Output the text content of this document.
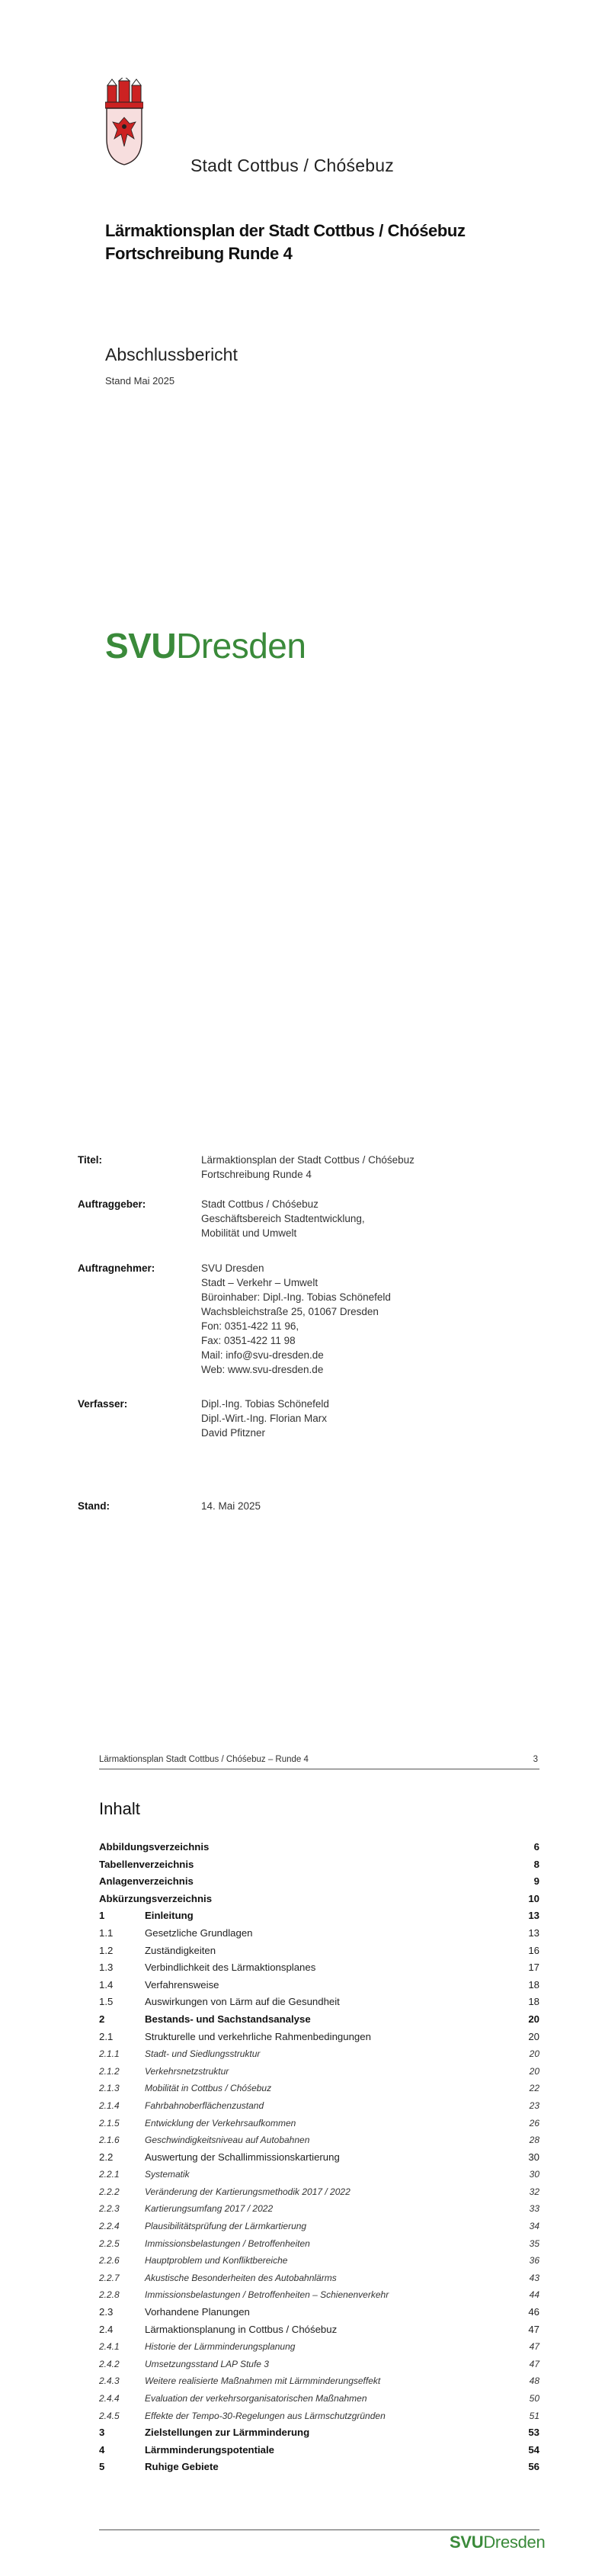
Stadt Cottbus / Chóśebuz
Lärmaktionsplan der Stadt Cottbus / Chóśebuz
Fortschreibung Runde 4
Abschlussbericht
Stand Mai 2025
SVUDresden
Titel:	Lärmaktionsplan der Stadt Cottbus / Chóśebuz
Fortschreibung Runde 4
Auftraggeber:	Stadt Cottbus / Chóśebuz
Geschäftsbereich Stadtentwicklung,
Mobilität und Umwelt
Auftragnehmer:	SVU Dresden
Stadt – Verkehr – Umwelt
Büroinhaber: Dipl.-Ing. Tobias Schönefeld
Wachsbleichstraße 25, 01067 Dresden
Fon: 0351-422 11 96,
Fax: 0351-422 11 98
Mail: info@svu-dresden.de
Web: www.svu-dresden.de
Verfasser:	Dipl.-Ing. Tobias Schönefeld
Dipl.-Wirt.-Ing. Florian Marx
David Pfitzner
Stand:	14. Mai 2025
Lärmaktionsplan Stadt Cottbus / Chóśebuz – Runde 4	3
Inhalt
Abbildungsverzeichnis	6
Tabellenverzeichnis	8
Anlagenverzeichnis	9
Abkürzungsverzeichnis	10
1	Einleitung	13
1.1	Gesetzliche Grundlagen	13
1.2	Zuständigkeiten	16
1.3	Verbindlichkeit des Lärmaktionsplanes	17
1.4	Verfahrensweise	18
1.5	Auswirkungen von Lärm auf die Gesundheit	18
2	Bestands- und Sachstandsanalyse	20
2.1	Strukturelle und verkehrliche Rahmenbedingungen	20
2.1.1	Stadt- und Siedlungsstruktur	20
2.1.2	Verkehrsnetzstruktur	20
2.1.3	Mobilität in Cottbus / Chóśebuz	22
2.1.4	Fahrbahnoberflächenzustand	23
2.1.5	Entwicklung der Verkehrsaufkommen	26
2.1.6	Geschwindigkeitsniveau auf Autobahnen	28
2.2	Auswertung der Schallimmissionskartierung	30
2.2.1	Systematik	30
2.2.2	Veränderung der Kartierungsmethodik 2017 / 2022	32
2.2.3	Kartierungsumfang 2017 / 2022	33
2.2.4	Plausibilitätsprüfung der Lärmkartierung	34
2.2.5	Immissionsbelastungen / Betroffenheiten	35
2.2.6	Hauptproblem und Konfliktbereiche	36
2.2.7	Akustische Besonderheiten des Autobahnlärms	43
2.2.8	Immissionsbelastungen / Betroffenheiten – Schienenverkehr	44
2.3	Vorhandene Planungen	46
2.4	Lärmaktionsplanung in Cottbus / Chóśebuz	47
2.4.1	Historie der Lärmminderungsplanung	47
2.4.2	Umsetzungsstand LAP Stufe 3	47
2.4.3	Weitere realisierte Maßnahmen mit Lärmminderungseffekt	48
2.4.4	Evaluation der verkehrsorganisatorischen Maßnahmen	50
2.4.5	Effekte der Tempo-30-Regelungen aus Lärmschutzgründen	51
3	Zielstellungen zur Lärmminderung	53
4	Lärmminderungspotentiale	54
5	Ruhige Gebiete	56
SVUDresden
